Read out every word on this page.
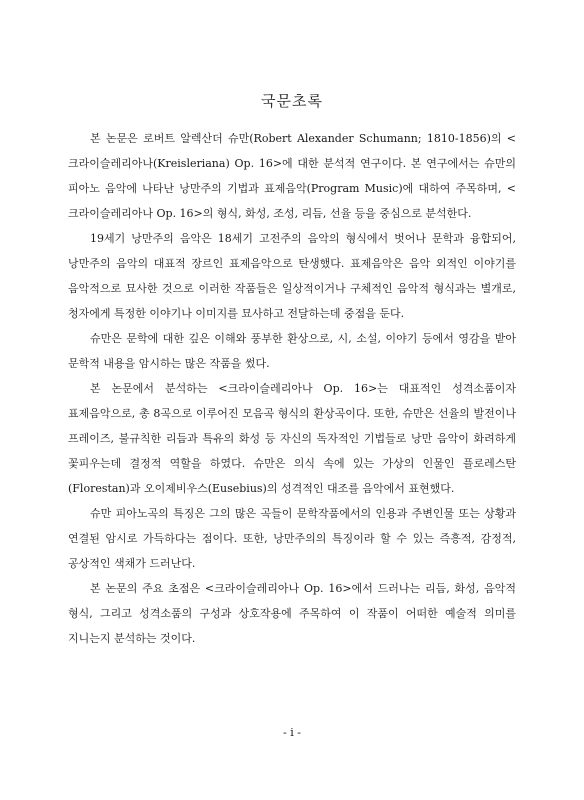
국문초록

본 논문은 로버트 알렉산더 슈만(Robert Alexander Schumann; 1810-1856)의 <크라이슬레리아나(Kreisleriana) Op. 16>에 대한 분석적 연구이다. 본 연구에서는 슈만의 피아노 음악에 나타난 낭만주의 기법과 표제음악(Program Music)에 대하여 주목하며, <크라이슬레리아나 Op. 16>의 형식, 화성, 조성, 리듬, 선율 등을 중심으로 분석한다.

19세기 낭만주의 음악은 18세기 고전주의 음악의 형식에서 벗어나 문학과 융합되어, 낭만주의 음악의 대표적 장르인 표제음악으로 탄생했다. 표제음악은 음악 외적인 이야기를 음악적으로 묘사한 것으로 이러한 작품들은 일상적이거나 구체적인 음악적 형식과는 별개로, 청자에게 특정한 이야기나 이미지를 묘사하고 전달하는데 중점을 둔다.

슈만은 문학에 대한 깊은 이해와 풍부한 환상으로, 시, 소설, 이야기 등에서 영감을 받아 문학적 내용을 암시하는 많은 작품을 썼다.

본 논문에서 분석하는 <크라이슬레리아나 Op. 16>는 대표적인 성격소품이자 표제음악으로, 총 8곡으로 이루어진 모음곡 형식의 환상곡이다. 또한, 슈만은 선율의 발전이나 프레이즈, 불규칙한 리듬과 특유의 화성 등 자신의 독자적인 기법들로 낭만 음악이 화려하게 꽃피우는데 결정적 역할을 하였다. 슈만은 의식 속에 있는 가상의 인물인 플로레스탄(Florestan)과 오이제비우스(Eusebius)의 성격적인 대조를 음악에서 표현했다.

슈만 피아노곡의 특징은 그의 많은 곡들이 문학작품에서의 인용과 주변인물 또는 상황과 연결된 암시로 가득하다는 점이다. 또한, 낭만주의의 특징이라 할 수 있는 즉흥적, 감정적, 공상적인 색채가 드러난다.

본 논문의 주요 초점은 <크라이슬레리아나 Op. 16>에서 드러나는 리듬, 화성, 음악적 형식, 그리고 성격소품의 구성과 상호작용에 주목하여 이 작품이 어떠한 예술적 의미를 지니는지 분석하는 것이다.

- i -
